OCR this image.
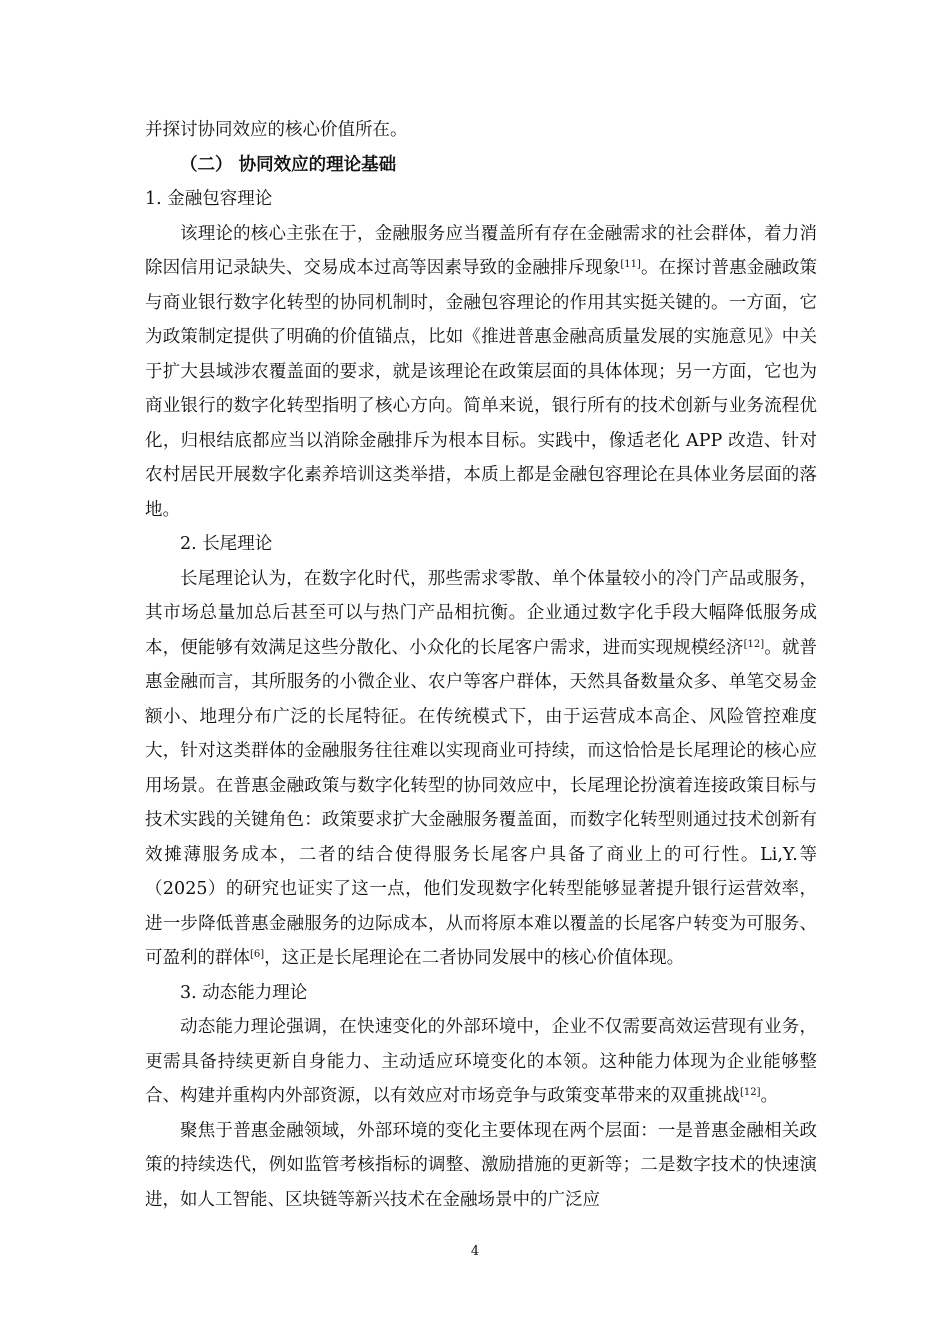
并探讨协同效应的核心价值所在。

（二） 协同效应的理论基础

1. 金融包容理论

该理论的核心主张在于，金融服务应当覆盖所有存在金融需求的社会群体，着力消除因信用记录缺失、交易成本过高等因素导致的金融排斥现象[11]。在探讨普惠金融政策与商业银行数字化转型的协同机制时，金融包容理论的作用其实挺关键的。一方面，它为政策制定提供了明确的价值锚点，比如《推进普惠金融高质量发展的实施意见》中关于扩大县域涉农覆盖面的要求，就是该理论在政策层面的具体体现；另一方面，它也为商业银行的数字化转型指明了核心方向。简单来说，银行所有的技术创新与业务流程优化，归根结底都应当以消除金融排斥为根本目标。实践中，像适老化 APP 改造、针对农村居民开展数字化素养培训这类举措，本质上都是金融包容理论在具体业务层面的落地。

2. 长尾理论

长尾理论认为，在数字化时代，那些需求零散、单个体量较小的冷门产品或服务，其市场总量加总后甚至可以与热门产品相抗衡。企业通过数字化手段大幅降低服务成本，便能够有效满足这些分散化、小众化的长尾客户需求，进而实现规模经济[12]。就普惠金融而言，其所服务的小微企业、农户等客户群体，天然具备数量众多、单笔交易金额小、地理分布广泛的长尾特征。在传统模式下，由于运营成本高企、风险管控难度大，针对这类群体的金融服务往往难以实现商业可持续，而这恰恰是长尾理论的核心应用场景。在普惠金融政策与数字化转型的协同效应中，长尾理论扮演着连接政策目标与技术实践的关键角色：政策要求扩大金融服务覆盖面，而数字化转型则通过技术创新有效摊薄服务成本，二者的结合使得服务长尾客户具备了商业上的可行性。Li,Y.等（2025）的研究也证实了这一点，他们发现数字化转型能够显著提升银行运营效率，进一步降低普惠金融服务的边际成本，从而将原本难以覆盖的长尾客户转变为可服务、可盈利的群体[6]，这正是长尾理论在二者协同发展中的核心价值体现。

3. 动态能力理论

动态能力理论强调，在快速变化的外部环境中，企业不仅需要高效运营现有业务，更需具备持续更新自身能力、主动适应环境变化的本领。这种能力体现为企业能够整合、构建并重构内外部资源，以有效应对市场竞争与政策变革带来的双重挑战[12]。

聚焦于普惠金融领域，外部环境的变化主要体现在两个层面：一是普惠金融相关政策的持续迭代，例如监管考核指标的调整、激励措施的更新等；二是数字技术的快速演进，如人工智能、区块链等新兴技术在金融场景中的广泛应

4
